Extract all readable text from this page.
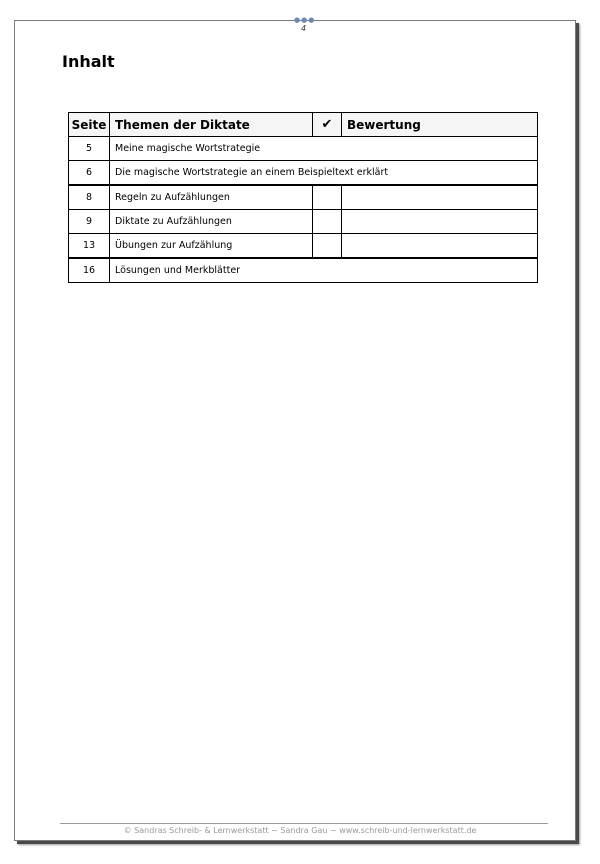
●●●
4
Inhalt
Seite	Themen der Diktate	✔	Bewertung
5	Meine magische Wortstrategie		
6	Die magische Wortstrategie an einem Beispieltext erklärt		
8	Regeln zu Aufzählungen		
9	Diktate zu Aufzählungen		
13	Übungen zur Aufzählung		
16	Lösungen und Merkblätter		
© Sandras Schreib- & Lernwerkstatt ~ Sandra Gau ~ www.schreib-und-lernwerkstatt.de
